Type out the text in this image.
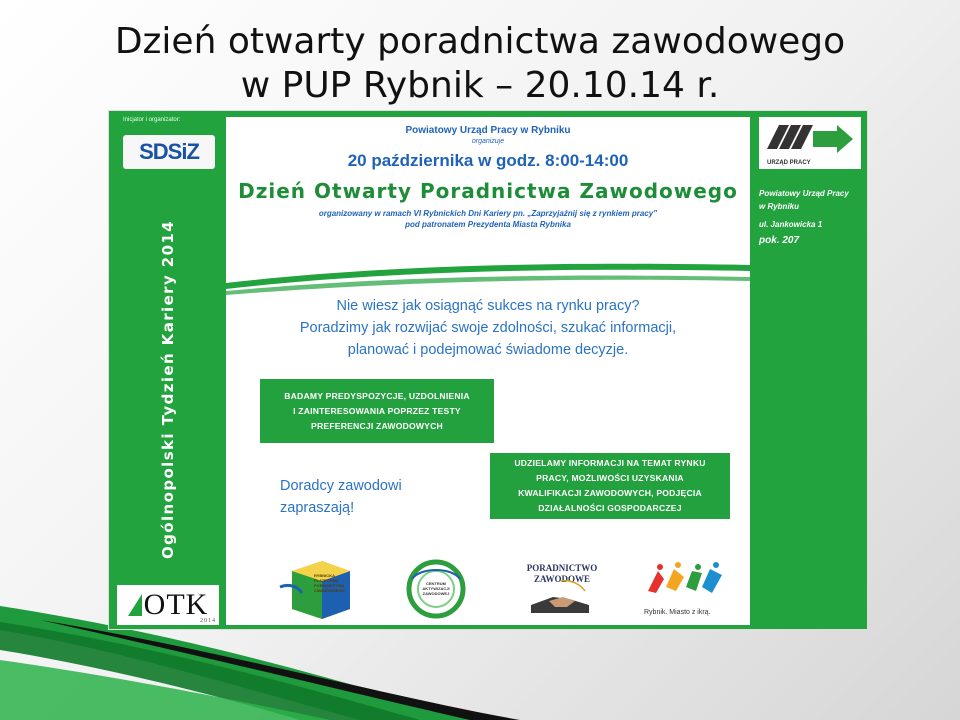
Dzień otwarty poradnictwa zawodowego
w PUP Rybnik – 20.10.14 r.
Inicjator i organizator:
SDSiZ
Ogólnopolski Tydzień Kariery 2014
OTK
2014
Powiatowy Urząd Pracy w Rybniku
organizuje
20 października w godz. 8:00-14:00
Dzień Otwarty Poradnictwa Zawodowego
organizowany w ramach VI Rybnickich Dni Kariery pn. „Zaprzyjaźnij się z rynkiem pracy”
pod patronatem Prezydenta Miasta Rybnika
Nie wiesz jak osiągnąć sukces na rynku pracy?
Poradzimy jak rozwijać swoje zdolności, szukać informacji,
planować i podejmować świadome decyzje.
BADAMY PREDYSPOZYCJE, UZDOLNIENIA
I ZAINTERESOWANIA POPRZEZ TESTY
PREFERENCJI ZAWODOWYCH
Doradcy zawodowi
zapraszają!
UDZIELAMY INFORMACJI NA TEMAT RYNKU
PRACY, MOŻLIWOŚCI UZYSKANIA
KWALIFIKACJI ZAWODOWYCH, PODJĘCIA
DZIAŁALNOŚCI GOSPODARCZEJ
RYBNICKA PLATFORMA PORADNICTWA ZAWODOWEGO
CENTRUM AKTYWIZACJI ZAWODOWEJ
PORADNICTWO ZAWODOWE
Rybnik. Miasto z ikrą.
URZĄD PRACY
Powiatowy Urząd Pracy
w Rybniku
ul. Jankowicka 1
pok. 207
